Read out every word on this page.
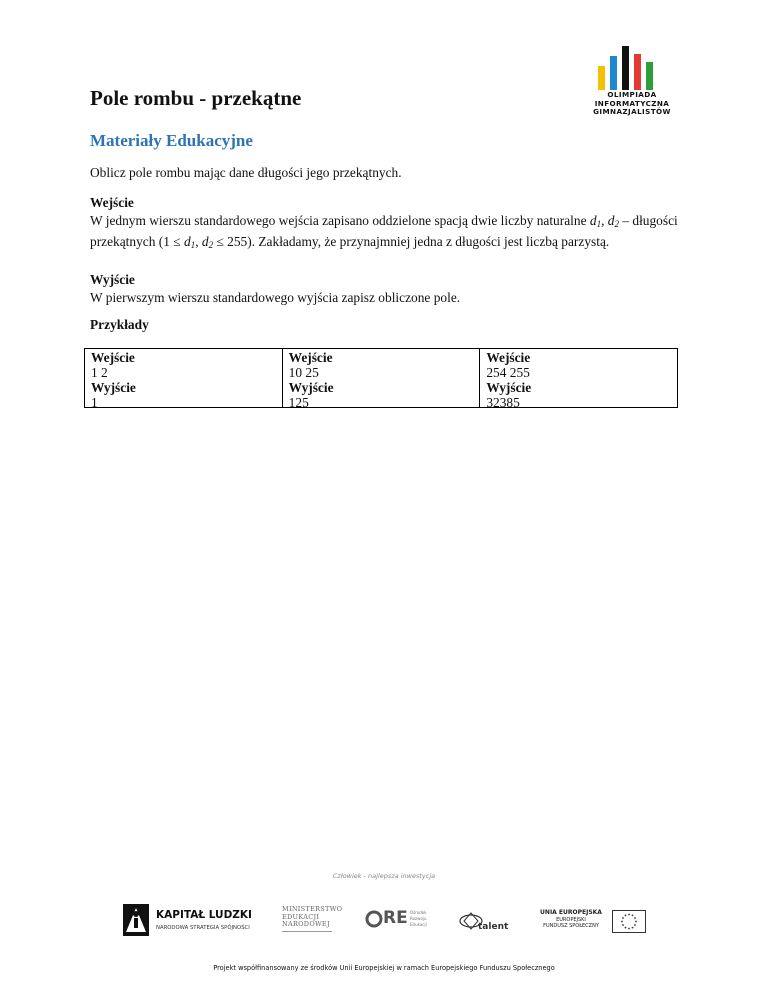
Pole rombu - przekątne	OLIMPIADA
INFORMATYCZNA
GIMNAZJALISTÓW
Materiały Edukacyjne

Oblicz pole rombu mając dane długości jego przekątnych.

Wejście
W jednym wierszu standardowego wejścia zapisano oddzielone spacją dwie liczby naturalne $d_1$, $d_2$ – długości przekątnych ($1 \le d_1$, $d_2 \le 255$). Zakładamy, że przynajmniej jedna z długości jest liczbą parzystą.
Wyjście
W pierwszym wierszu standardowego wyjścia zapisz obliczone pole.

Przykłady

Wejście
1 2
Wyjście
1
Wejście
10 25
Wyjście
125
Wejście
254 255
Wyjście
32385
Człowiek - najlepsza inwestycja
KAPITAŁ LUDZKI
NARODOWA STRATEGIA SPÓJNOŚCI
MINISTERSTWO
EDUKACJI
NARODOWEJ	RE Ośrodek
Rozwoju
Edukacji	talent
UNIA EUROPEJSKA
EUROPEJSKI
FUNDUSZ SPOŁECZNY
Projekt współfinansowany ze środków Unii Europejskiej w ramach Europejskiego Funduszu Społecznego
